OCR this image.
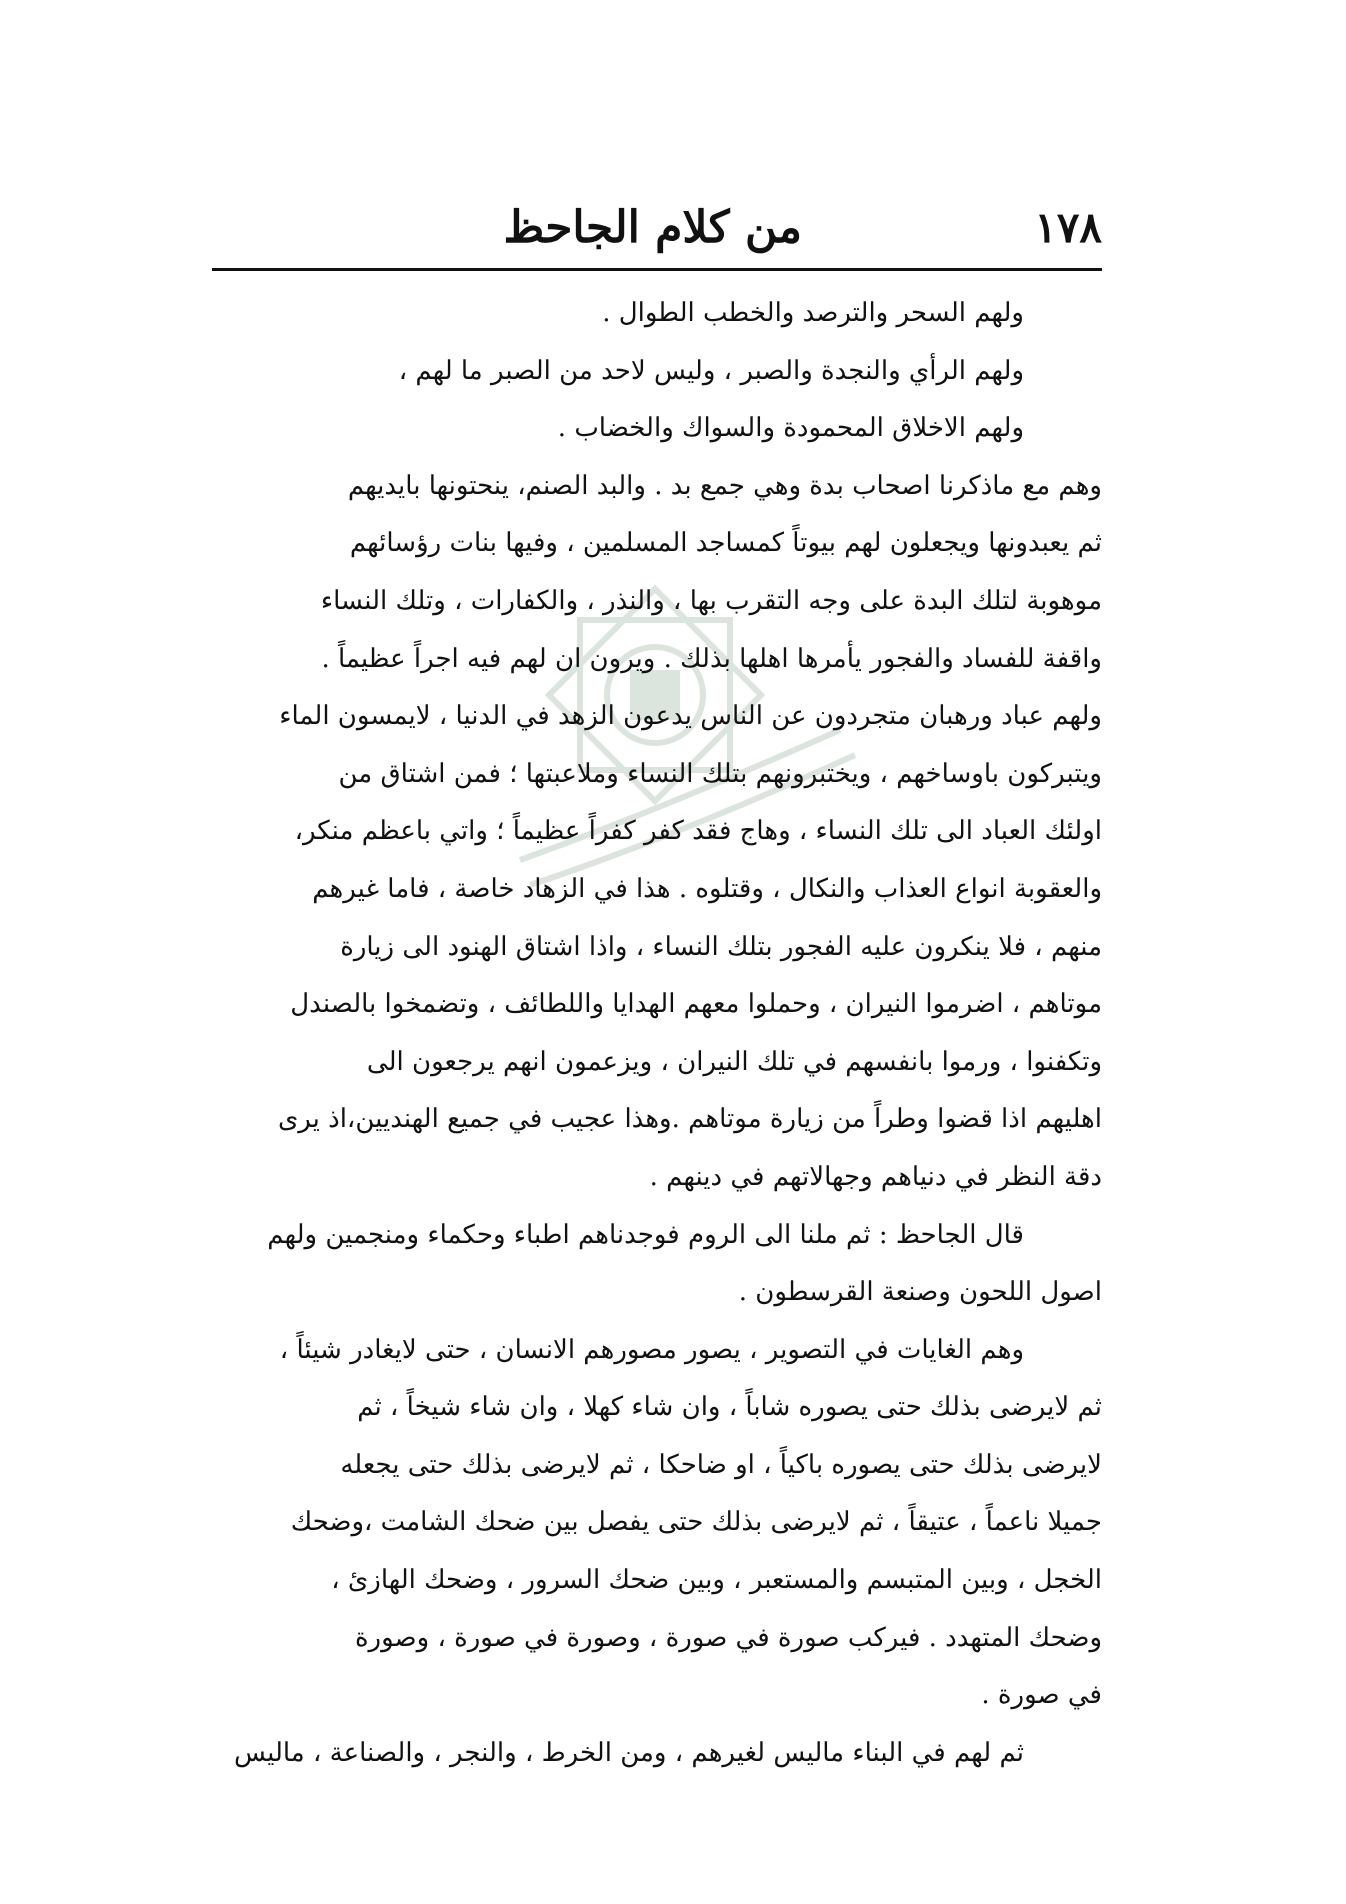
١٧٨
من كلام الجاحظ
ولهم السحر والترصد والخطب الطوال .
ولهم الرأي والنجدة والصبر ، وليس لاحد من الصبر ما لهم ،
ولهم الاخلاق المحمودة والسواك والخضاب .
وهم مع ماذكرنا اصحاب بدة وهي جمع بد . والبد الصنم، ينحتونها بايديهم
ثم يعبدونها ويجعلون لهم بيوتاً كمساجد المسلمين ، وفيها بنات رؤسائهم
موهوبة لتلك البدة على وجه التقرب بها ، والنذر ، والكفارات ، وتلك النساء
واقفة للفساد والفجور يأمرها اهلها بذلك . ويرون ان لهم فيه اجراً عظيماً .
ولهم عباد ورهبان متجردون عن الناس يدعون الزهد في الدنيا ، لايمسون الماء
ويتبركون باوساخهم ، ويختبرونهم بتلك النساء وملاعبتها ؛ فمن اشتاق من
اولئك العباد الى تلك النساء ، وهاج فقد كفر كفراً عظيماً ؛ واتي باعظم منكر،
والعقوبة انواع العذاب والنكال ، وقتلوه . هذا في الزهاد خاصة ، فاما غيرهم
منهم ، فلا ينكرون عليه الفجور بتلك النساء ، واذا اشتاق الهنود الى زيارة
موتاهم ، اضرموا النيران ، وحملوا معهم الهدايا واللطائف ، وتضمخوا بالصندل
وتكفنوا ، ورموا بانفسهم في تلك النيران ، ويزعمون انهم يرجعون الى
اهليهم اذا قضوا وطراً من زيارة موتاهم .وهذا عجيب في جميع الهنديين،اذ يرى
دقة النظر في دنياهم وجهالاتهم في دينهم .
قال الجاحظ : ثم ملنا الى الروم فوجدناهم اطباء وحكماء ومنجمين ولهم
اصول اللحون وصنعة القرسطون .
وهم الغايات في التصوير ، يصور مصورهم الانسان ، حتى لايغادر شيئاً ،
ثم لايرضى بذلك حتى يصوره شاباً ، وان شاء كهلا ، وان شاء شيخاً ، ثم
لايرضى بذلك حتى يصوره باكياً ، او ضاحكا ، ثم لايرضى بذلك حتى يجعله
جميلا ناعماً ، عتيقاً ، ثم لايرضى بذلك حتى يفصل بين ضحك الشامت ،وضحك
الخجل ، وبين المتبسم والمستعبر ، وبين ضحك السرور ، وضحك الهازئ ،
وضحك المتهدد . فيركب صورة في صورة ، وصورة في صورة ، وصورة
في صورة .
ثم لهم في البناء ماليس لغيرهم ، ومن الخرط ، والنجر ، والصناعة ، ماليس
